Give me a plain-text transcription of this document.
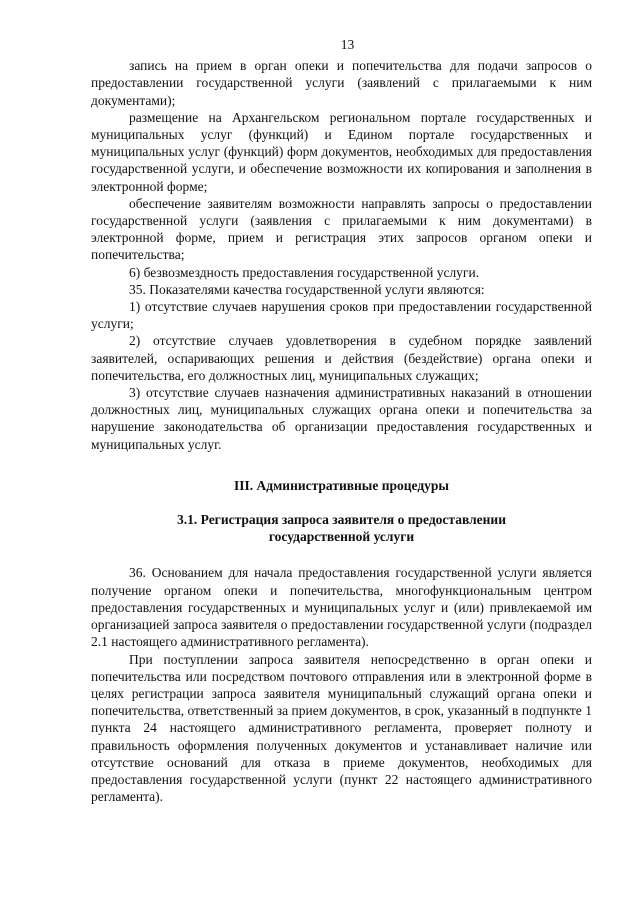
13

запись на прием в орган опеки и попечительства для подачи запросов о предоставлении государственной услуги (заявлений с прилагаемыми к ним документами);

размещение на Архангельском региональном портале государственных и муниципальных услуг (функций) и Едином портале государственных и муниципальных услуг (функций) форм документов, необходимых для предоставления государственной услуги, и обеспечение возможности их копирования и заполнения в электронной форме;

обеспечение заявителям возможности направлять запросы о предоставлении государственной услуги (заявления с прилагаемыми к ним документами) в электронной форме, прием и регистрация этих запросов органом опеки и попечительства;

6) безвозмездность предоставления государственной услуги.

35. Показателями качества государственной услуги являются:

1) отсутствие случаев нарушения сроков при предоставлении государственной услуги;

2) отсутствие случаев удовлетворения в судебном порядке заявлений заявителей, оспаривающих решения и действия (бездействие) органа опеки и попечительства, его должностных лиц, муниципальных служащих;

3) отсутствие случаев назначения административных наказаний в отношении должностных лиц, муниципальных служащих органа опеки и попечительства за нарушение законодательства об организации предоставления государственных и муниципальных услуг.

III. Административные процедуры

3.1. Регистрация запроса заявителя о предоставлении

государственной услуги

36. Основанием для начала предоставления государственной услуги является получение органом опеки и попечительства, многофункциональным центром предоставления государственных и муниципальных услуг и (или) привлекаемой им организацией запроса заявителя о предоставлении государственной услуги (подраздел 2.1 настоящего административного регламента).

При поступлении запроса заявителя непосредственно в орган опеки и попечительства или посредством почтового отправления или в электронной форме в целях регистрации запроса заявителя муниципальный служащий органа опеки и попечительства, ответственный за прием документов, в срок, указанный в подпункте 1 пункта 24 настоящего административного регламента, проверяет полноту и правильность оформления полученных документов и устанавливает наличие или отсутствие оснований для отказа в приеме документов, необходимых для предоставления государственной услуги (пункт 22 настоящего административного регламента).
